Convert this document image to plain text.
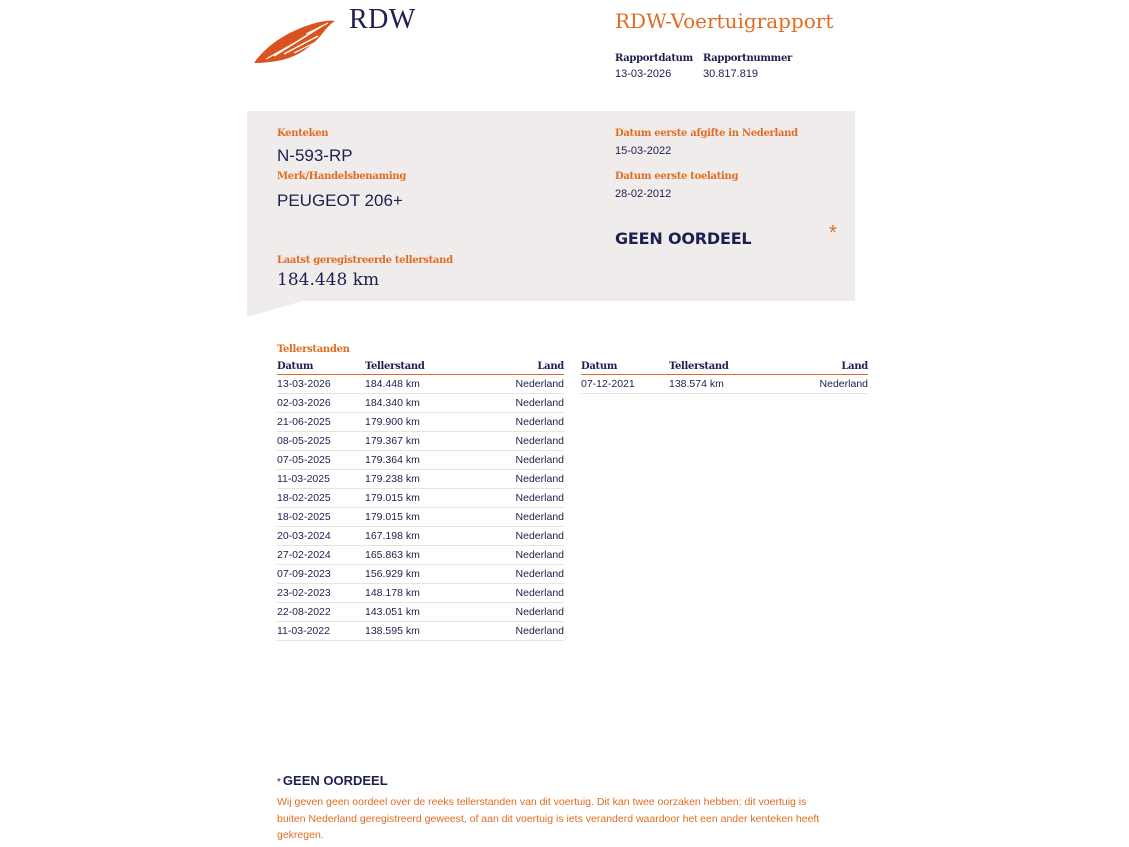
RDW	RDW-Voertuigrapport
Rapportdatum
13-03-2026
Rapportnummer
30.817.819
Kenteken
N-593-RP
Merk/Handelsbenaming
PEUGEOT 206+
Laatst geregistreerde tellerstand
184.448 km
Datum eerste afgifte in Nederland
15-03-2022
Datum eerste toelating
28-02-2012
GEEN OORDEEL	*
Tellerstanden
Datum	Tellerstand	Land
13-03-2026	184.448 km	Nederland
02-03-2026	184.340 km	Nederland
21-06-2025	179.900 km	Nederland
08-05-2025	179.367 km	Nederland
07-05-2025	179.364 km	Nederland
11-03-2025	179.238 km	Nederland
18-02-2025	179.015 km	Nederland
18-02-2025	179.015 km	Nederland
20-03-2024	167.198 km	Nederland
27-02-2024	165.863 km	Nederland
07-09-2023	156.929 km	Nederland
23-02-2023	148.178 km	Nederland
22-08-2022	143.051 km	Nederland
11-03-2022	138.595 km	Nederland
Datum	Tellerstand	Land
07-12-2021	138.574 km	Nederland
* GEEN OORDEEL
Wij geven geen oordeel over de reeks tellerstanden van dit voertuig. Dit kan twee oorzaken hebben: dit voertuig is buiten Nederland geregistreerd geweest, of aan dit voertuig is iets veranderd waardoor het een ander kenteken heeft gekregen.
